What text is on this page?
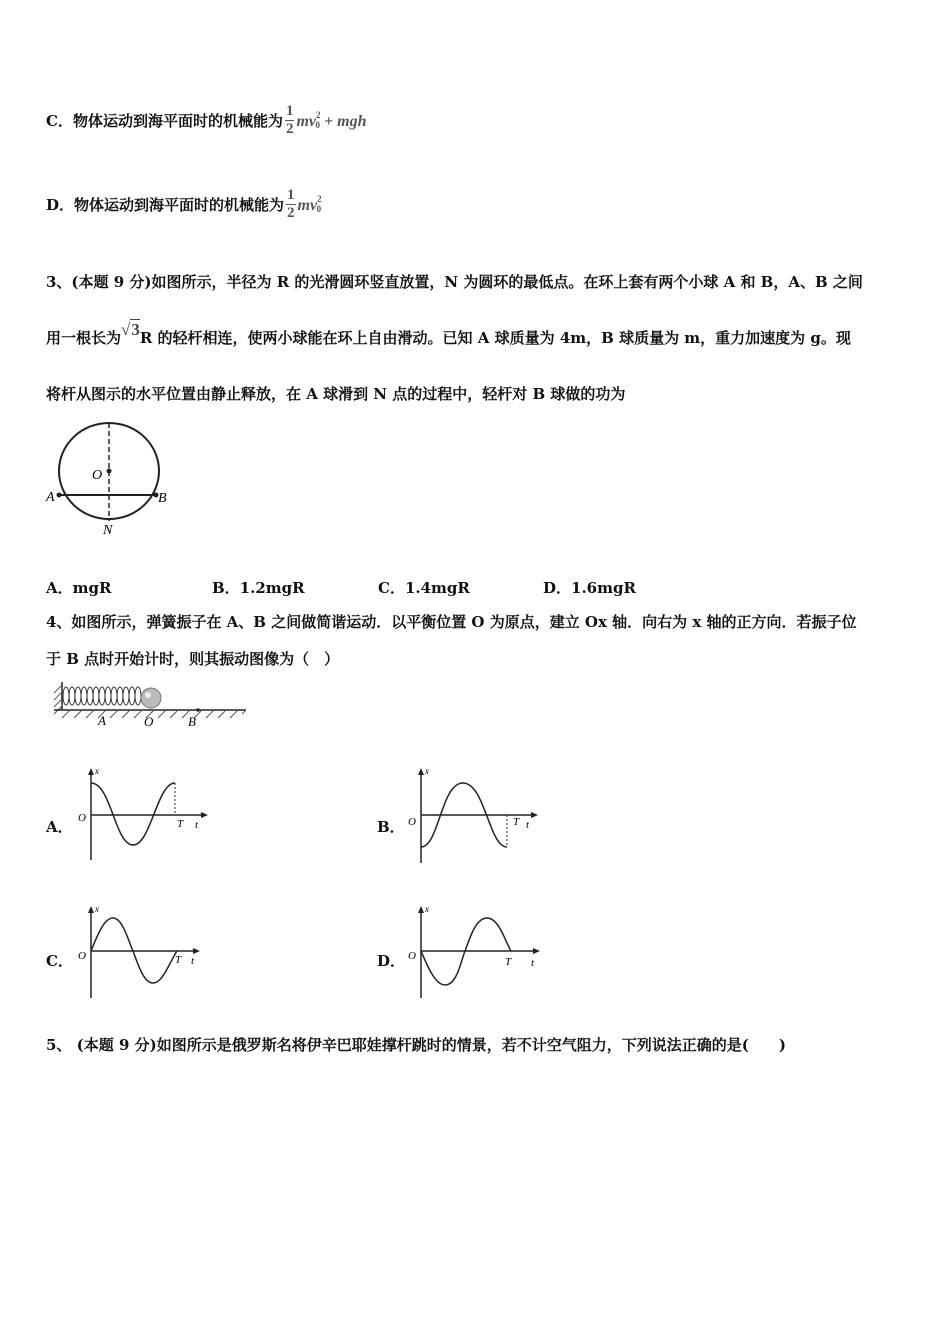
C．物体运动到海平面时的机械能为 $\frac{1}{2} mv^2_0$ + mgh
D．物体运动到海平面时的机械能为 $\frac{1}{2} mv^2_0$
3、(本题 9 分)如图所示，半径为 R 的光滑圆环竖直放置，N 为圆环的最低点。在环上套有两个小球 A 和 B，A、B 之间
用一根长为√3R 的轻杆相连，使两小球能在环上自由滑动。已知 A 球质量为 4m，B 球质量为 m，重力加速度为 g。现
将杆从图示的水平位置由静止释放，在 A 球滑到 N 点的过程中，轻杆对 B 球做的功为
O
A	B
N
A．mgR	B．1.2mgR	C．1.4mgR	D．1.6mgR
4、如图所示，弹簧振子在 A、B 之间做简谐运动．以平衡位置 O 为原点，建立 Ox 轴．向右为 x 轴的正方向．若振子位
于 B 点时开始计时，则其振动图像为（　）
A	O	B
A．
x
O	T t	B．
x
O	T t
C．
x
O	T t	D．
x
O	T t
5、 (本题 9 分)如图所示是俄罗斯名将伊辛巴耶娃撑杆跳时的情景，若不计空气阻力，下列说法正确的是(　　)
